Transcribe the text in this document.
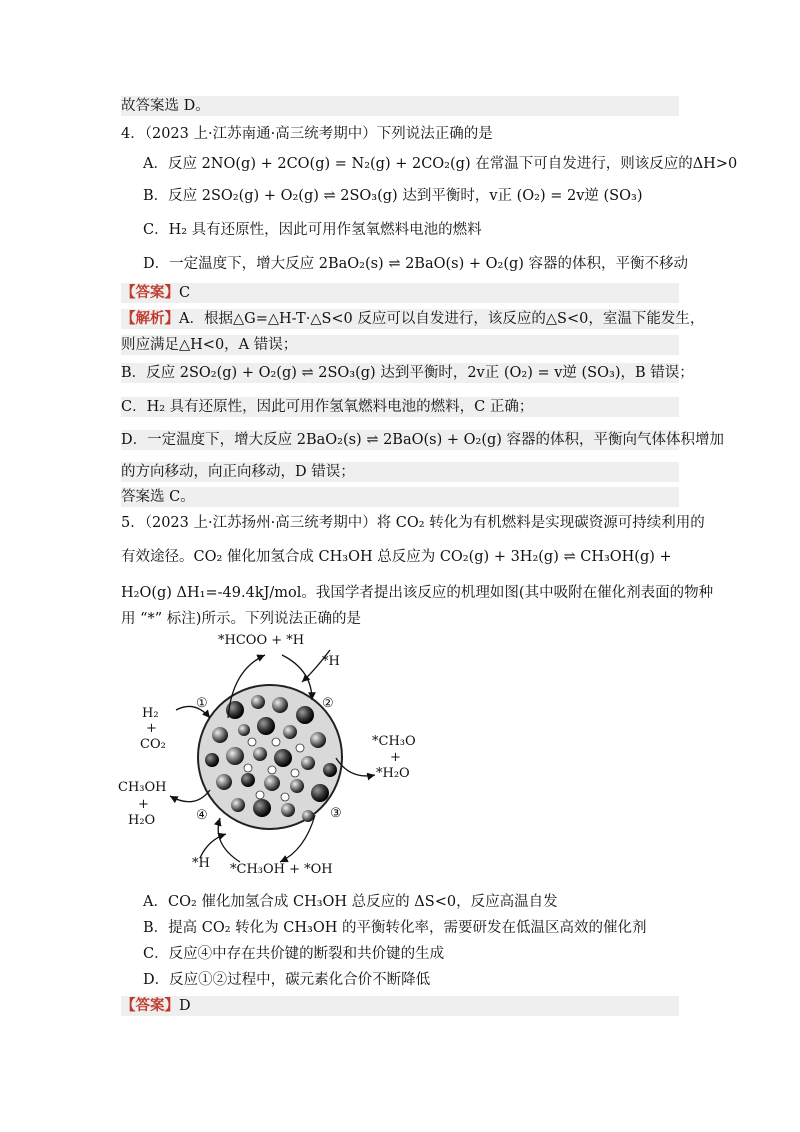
故答案选 D。
4．（2023 上·江苏南通·高三统考期中）下列说法正确的是
A．反应 2NO(g) + 2CO(g) = N₂(g) + 2CO₂(g) 在常温下可自发进行，则该反应的ΔH>0
B．反应 2SO₂(g) + O₂(g) ⇌ 2SO₃(g) 达到平衡时，v正 (O₂) = 2v逆 (SO₃)
C．H₂ 具有还原性，因此可用作氢氧燃料电池的燃料
D．一定温度下，增大反应 2BaO₂(s) ⇌ 2BaO(s) + O₂(g) 容器的体积，平衡不移动
【答案】C
【解析】A．根据△G=△H-T·△S<0 反应可以自发进行，该反应的△S<0，室温下能发生，
则应满足△H<0，A 错误；
B．反应 2SO₂(g) + O₂(g) ⇌ 2SO₃(g) 达到平衡时，2v正 (O₂) = v逆 (SO₃)，B 错误；
C．H₂ 具有还原性，因此可用作氢氧燃料电池的燃料，C 正确；
D．一定温度下，增大反应 2BaO₂(s) ⇌ 2BaO(s) + O₂(g) 容器的体积，平衡向气体体积增加
的方向移动，向正向移动，D 错误；
答案选 C。
5．（2023 上·江苏扬州·高三统考期中）将 CO₂ 转化为有机燃料是实现碳资源可持续利用的
有效途径。CO₂ 催化加氢合成 CH₃OH 总反应为 CO₂(g) + 3H₂(g) ⇌ CH₃OH(g) +
H₂O(g) ΔH₁=-49.4kJ/mol。我国学者提出该反应的机理如图(其中吸附在催化剂表面的物种
用 “*” 标注)所示。下列说法正确的是
*HCOO + *H
*H
①	②
H₂
+
CO₂	*CH₃O
+
*H₂O
CH₃OH
+
H₂O	④	③
*H *CH₃OH + *OH
A．CO₂ 催化加氢合成 CH₃OH 总反应的 ΔS<0，反应高温自发
B．提高 CO₂ 转化为 CH₃OH 的平衡转化率，需要研发在低温区高效的催化剂
C．反应④中存在共价键的断裂和共价键的生成
D．反应①②过程中，碳元素化合价不断降低
【答案】D
